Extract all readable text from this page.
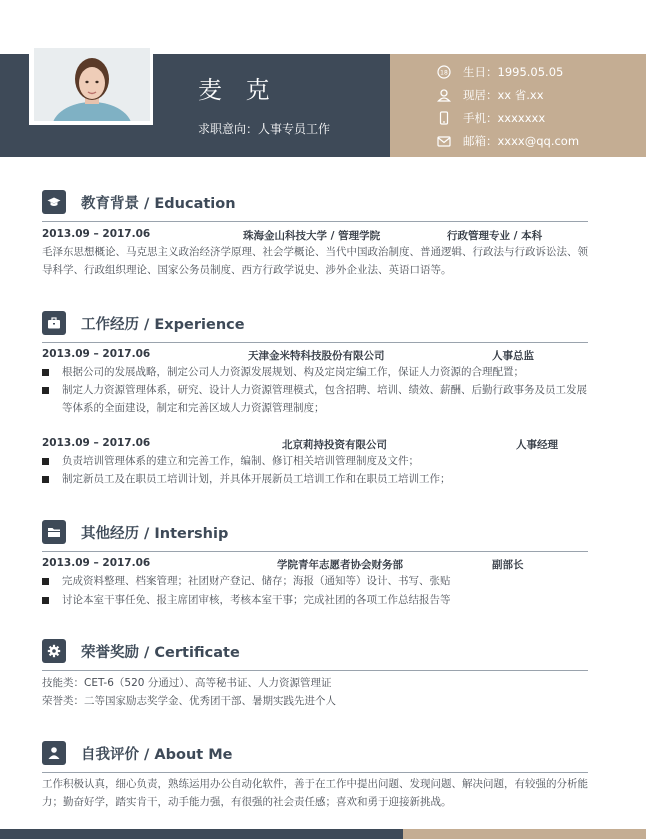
麦 克
求职意向：人事专员工作
18 生日：1995.05.05
现居：xx 省.xx
手机：xxxxxxx
邮箱：xxxx@qq.com
教育背景 / Education
2013.09 – 2017.06	珠海金山科技大学 / 管理学院	行政管理专业 / 本科
毛泽东思想概论、马克思主义政治经济学原理、社会学概论、当代中国政治制度、普通逻辑、行政法与行政诉讼法、领导科学、行政组织理论、国家公务员制度、西方行政学说史、涉外企业法、英语口语等。
工作经历 / Experience
2013.09 – 2017.06	天津金米特科技股份有限公司	人事总监
根据公司的发展战略，制定公司人力资源发展规划、构及定岗定编工作，保证人力资源的合理配置；
制定人力资源管理体系，研究、设计人力资源管理模式，包含招聘、培训、绩效、薪酬、后勤行政事务及员工发展等体系的全面建设，制定和完善区域人力资源管理制度；
2013.09 – 2017.06	北京莉持投资有限公司	人事经理
负责培训管理体系的建立和完善工作，编制、修订相关培训管理制度及文件；
制定新员工及在职员工培训计划，并具体开展新员工培训工作和在职员工培训工作；
其他经历 / Intership
2013.09 – 2017.06	学院青年志愿者协会财务部	副部长
完成资料整理、档案管理；社团财产登记、储存；海报（通知等）设计、书写、张贴
讨论本室干事任免、报主席团审核，考核本室干事；完成社团的各项工作总结报告等
荣誉奖励 / Certificate
技能类：CET-6（520 分通过）、高等秘书证、人力资源管理证
荣誉类：二等国家励志奖学金、优秀团干部、暑期实践先进个人
自我评价 / About Me
工作积极认真，细心负责，熟练运用办公自动化软件，善于在工作中提出问题、发现问题、解决问题，有较强的分析能力；勤奋好学，踏实肯干，动手能力强，有很强的社会责任感；喜欢和勇于迎接新挑战。
